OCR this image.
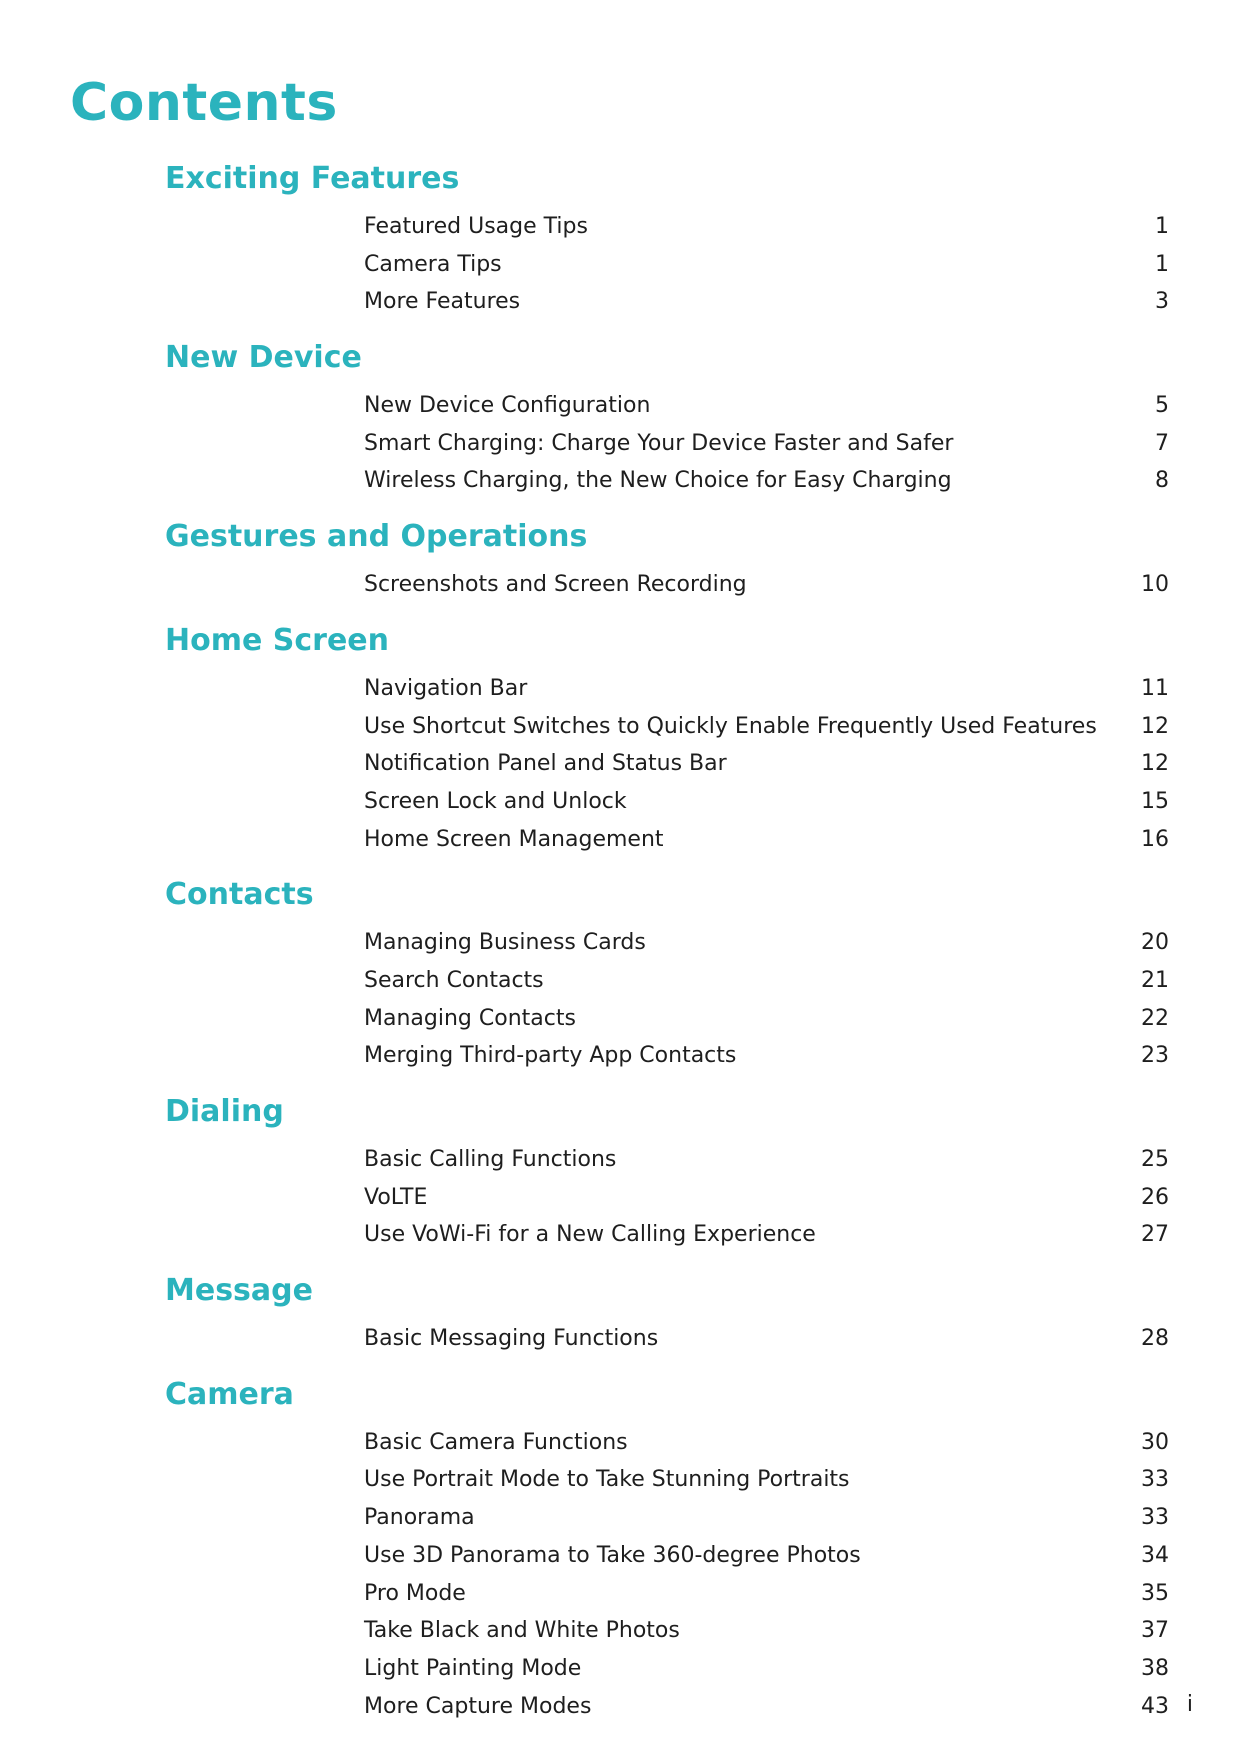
Contents
Exciting Features
Featured Usage Tips	1
Camera Tips	1
More Features	3
New Device
New Device Configuration	5
Smart Charging: Charge Your Device Faster and Safer	7
Wireless Charging, the New Choice for Easy Charging	8
Gestures and Operations
Screenshots and Screen Recording	10
Home Screen
Navigation Bar	11
Use Shortcut Switches to Quickly Enable Frequently Used Features 12
Notification Panel and Status Bar	12
Screen Lock and Unlock	15
Home Screen Management	16
Contacts
Managing Business Cards	20
Search Contacts	21
Managing Contacts	22
Merging Third-party App Contacts	23
Dialing
Basic Calling Functions	25
VoLTE	26
Use VoWi-Fi for a New Calling Experience	27
Message
Basic Messaging Functions	28
Camera
Basic Camera Functions	30
Use Portrait Mode to Take Stunning Portraits	33
Panorama	33
Use 3D Panorama to Take 360-degree Photos	34
Pro Mode	35
Take Black and White Photos	37
Light Painting Mode	38
More Capture Modes	43 i
